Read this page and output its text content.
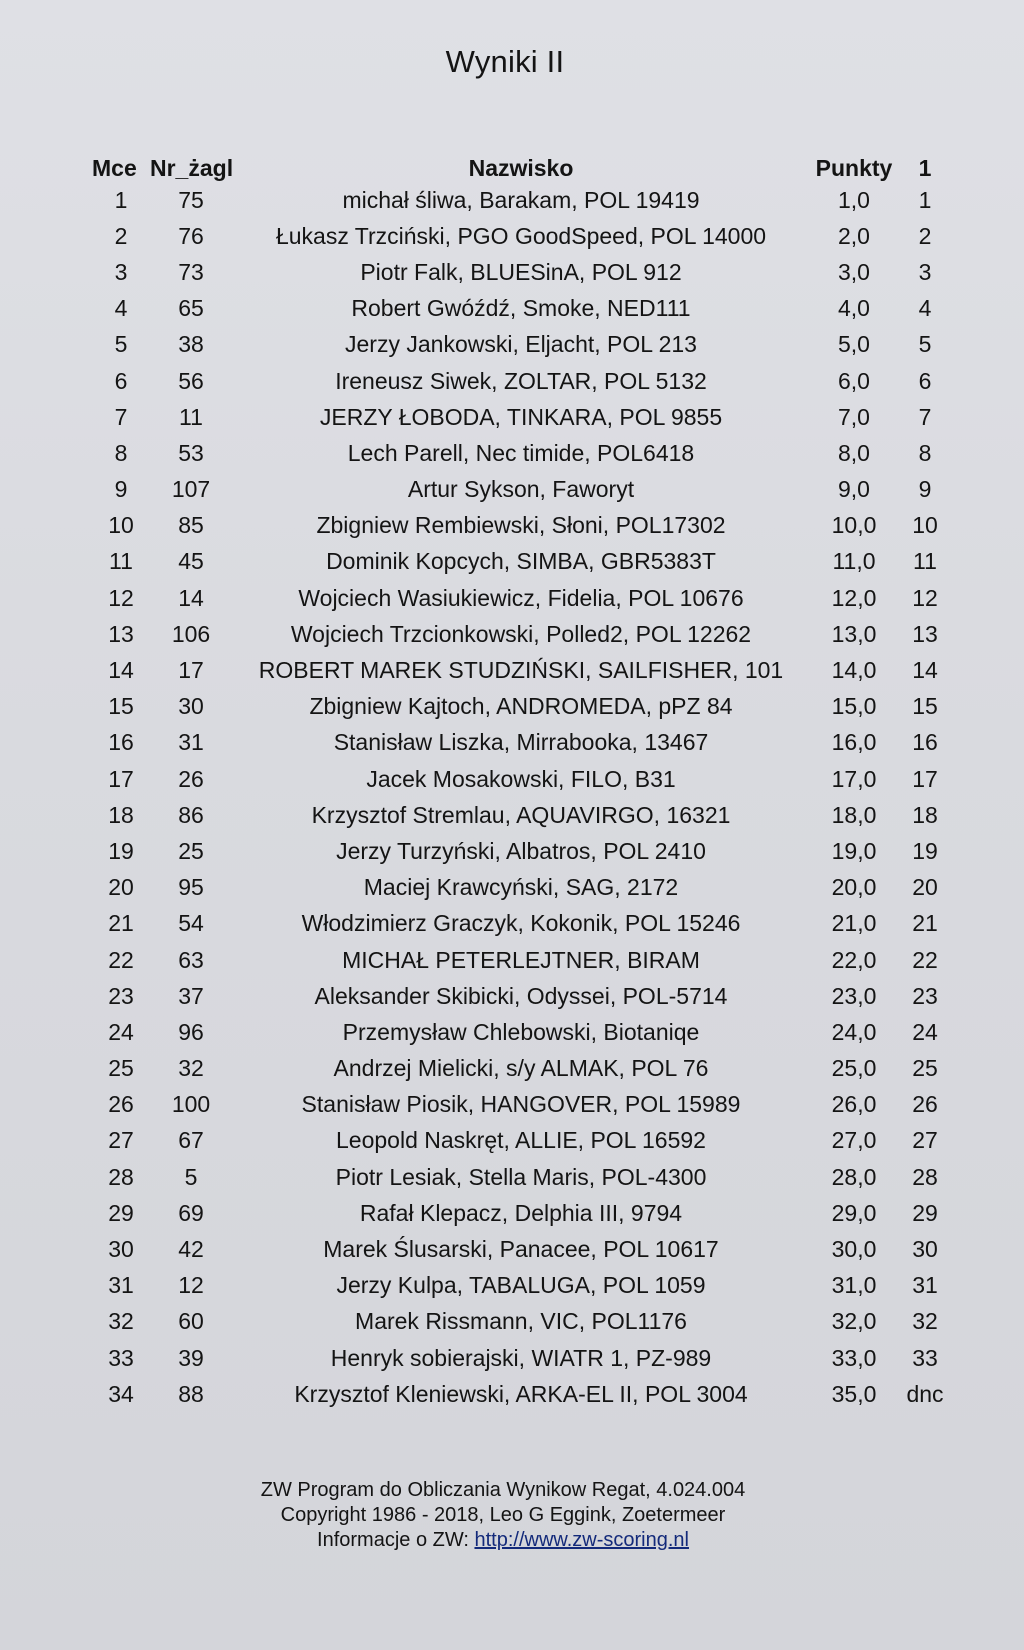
Wyniki II
Mce	Nr_żagl	Nazwisko	Punkty	1
1	75	michał śliwa, Barakam, POL 19419	1,0	1
2	76	Łukasz Trzciński, PGO GoodSpeed, POL 14000	2,0	2
3	73	Piotr Falk, BLUESinA, POL 912	3,0	3
4	65	Robert Gwóźdź, Smoke, NED111	4,0	4
5	38	Jerzy Jankowski, Eljacht, POL 213	5,0	5
6	56	Ireneusz Siwek, ZOLTAR, POL 5132	6,0	6
7	11	JERZY ŁOBODA, TINKARA, POL 9855	7,0	7
8	53	Lech Parell, Nec timide, POL6418	8,0	8
9	107	Artur Sykson, Faworyt	9,0	9
10	85	Zbigniew Rembiewski, Słoni, POL17302	10,0	10
11	45	Dominik Kopcych, SIMBA, GBR5383T	11,0	11
12	14	Wojciech Wasiukiewicz, Fidelia, POL 10676	12,0	12
13	106	Wojciech Trzcionkowski, Polled2, POL 12262	13,0	13
14	17	ROBERT MAREK STUDZIŃSKI, SAILFISHER, 101	14,0	14
15	30	Zbigniew Kajtoch, ANDROMEDA, pPZ 84	15,0	15
16	31	Stanisław Liszka, Mirrabooka, 13467	16,0	16
17	26	Jacek Mosakowski, FILO, B31	17,0	17
18	86	Krzysztof Stremlau, AQUAVIRGO, 16321	18,0	18
19	25	Jerzy Turzyński, Albatros, POL 2410	19,0	19
20	95	Maciej Krawcyński, SAG, 2172	20,0	20
21	54	Włodzimierz Graczyk, Kokonik, POL 15246	21,0	21
22	63	MICHAŁ PETERLEJTNER, BIRAM	22,0	22
23	37	Aleksander Skibicki, Odyssei, POL-5714	23,0	23
24	96	Przemysław Chlebowski, Biotaniqe	24,0	24
25	32	Andrzej Mielicki, s/y ALMAK, POL 76	25,0	25
26	100	Stanisław Piosik, HANGOVER, POL 15989	26,0	26
27	67	Leopold Naskręt, ALLIE, POL 16592	27,0	27
28	5	Piotr Lesiak, Stella Maris, POL-4300	28,0	28
29	69	Rafał Klepacz, Delphia III, 9794	29,0	29
30	42	Marek Ślusarski, Panacee, POL 10617	30,0	30
31	12	Jerzy Kulpa, TABALUGA, POL 1059	31,0	31
32	60	Marek Rissmann, VIC, POL1176	32,0	32
33	39	Henryk sobierajski, WIATR 1, PZ-989	33,0	33
34	88	Krzysztof Kleniewski, ARKA-EL II, POL 3004	35,0	dnc
ZW Program do Obliczania Wynikow Regat, 4.024.004
Copyright 1986 - 2018, Leo G Eggink, Zoetermeer
Informacje o ZW: http://www.zw-scoring.nl
